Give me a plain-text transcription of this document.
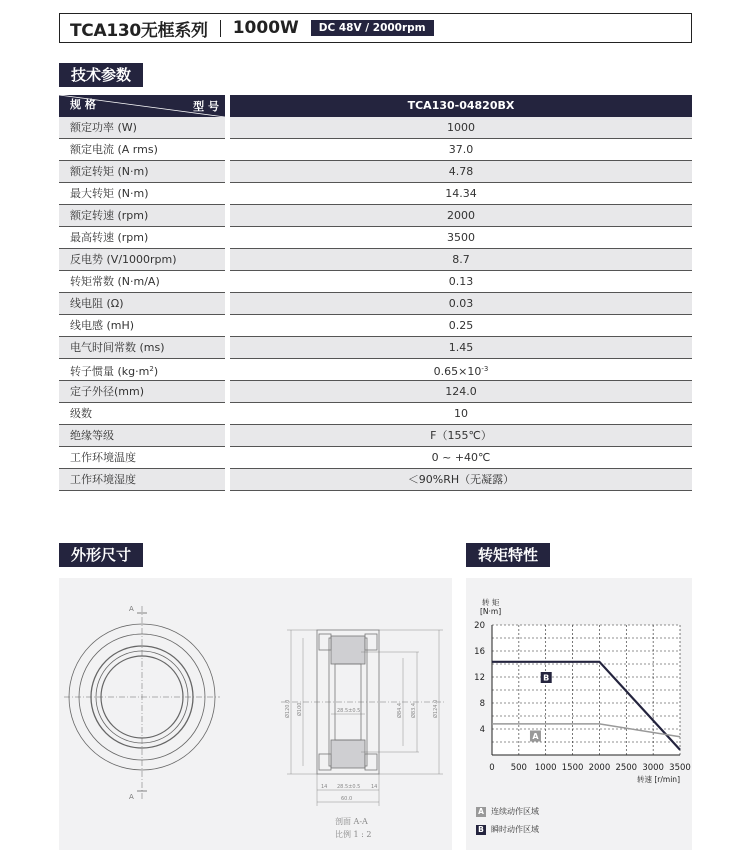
TCA130无框系列 1000W	DC 48V / 2000rpm
技术参数
规 格	型 号	TCA130-04820BX
额定功率 (W)	1000
额定电流 (A rms)	37.0
额定转矩 (N·m)	4.78
最大转矩 (N·m)	14.34
额定转速 (rpm)	2000
最高转速 (rpm)	3500
反电势 (V/1000rpm)	8.7
转矩常数 (N·m/A)	0.13
线电阻 (Ω)	0.03
线电感 (mH)	0.25
电气时间常数 (ms)	1.45
转子惯量 $(kg\cdot m^2)$	$0.65\times 10^{-3}$
定子外径(mm)	124.0
级数	10
绝缘等级	F（155℃）
工作环境温度	0 ~ +40℃
工作环境湿度	＜90%RH（无凝露）
外形尺寸	转矩特性
A
A
Ø120.0 Ø100	Ø84.4 Ø83.4	Ø124.0
28.5±0.5
14 28.5±0.5 14
60.0
剖面 A-A
比例 1 : 2
0 500 1000 1500 2000 2500 3000 3500
4
8
12
16
20
转 矩
[N·m]
转速 [r/min]
B
A
A 连续动作区域
B 瞬时动作区域
